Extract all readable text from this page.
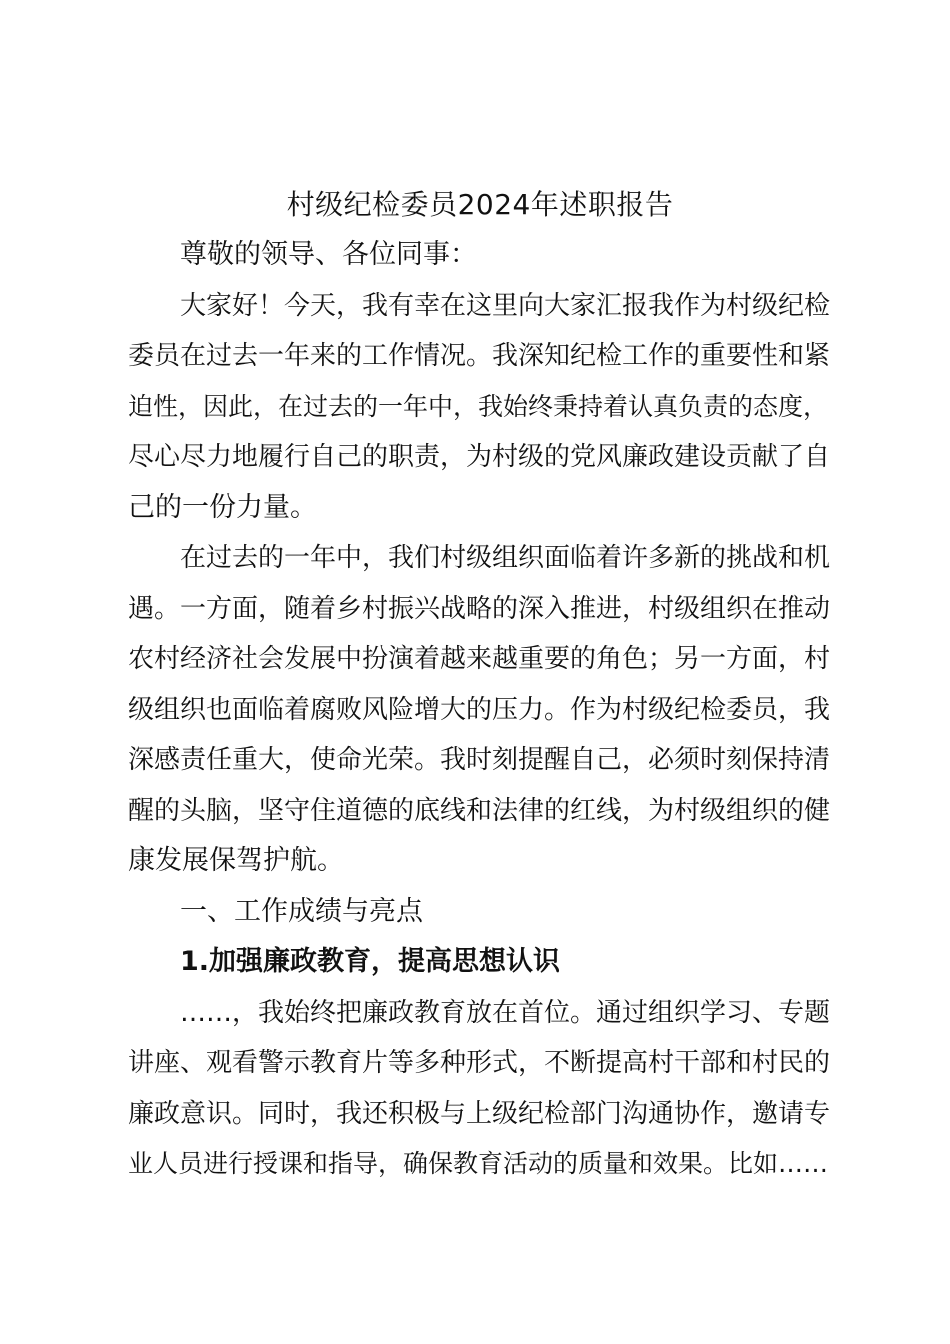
村级纪检委员2024年述职报告

尊敬的领导、各位同事：

大家好！今天，我有幸在这里向大家汇报我作为村级纪检

委员在过去一年来的工作情况。我深知纪检工作的重要性和紧

迫性，因此，在过去的一年中，我始终秉持着认真负责的态度，

尽心尽力地履行自己的职责，为村级的党风廉政建设贡献了自

己的一份力量。

在过去的一年中，我们村级组织面临着许多新的挑战和机

遇。一方面，随着乡村振兴战略的深入推进，村级组织在推动

农村经济社会发展中扮演着越来越重要的角色；另一方面，村

级组织也面临着腐败风险增大的压力。作为村级纪检委员，我

深感责任重大，使命光荣。我时刻提醒自己，必须时刻保持清

醒的头脑，坚守住道德的底线和法律的红线，为村级组织的健

康发展保驾护航。

一、工作成绩与亮点

1.加强廉政教育，提高思想认识

……，我始终把廉政教育放在首位。通过组织学习、专题

讲座、观看警示教育片等多种形式，不断提高村干部和村民的

廉政意识。同时，我还积极与上级纪检部门沟通协作，邀请专

业人员进行授课和指导，确保教育活动的质量和效果。比如……
